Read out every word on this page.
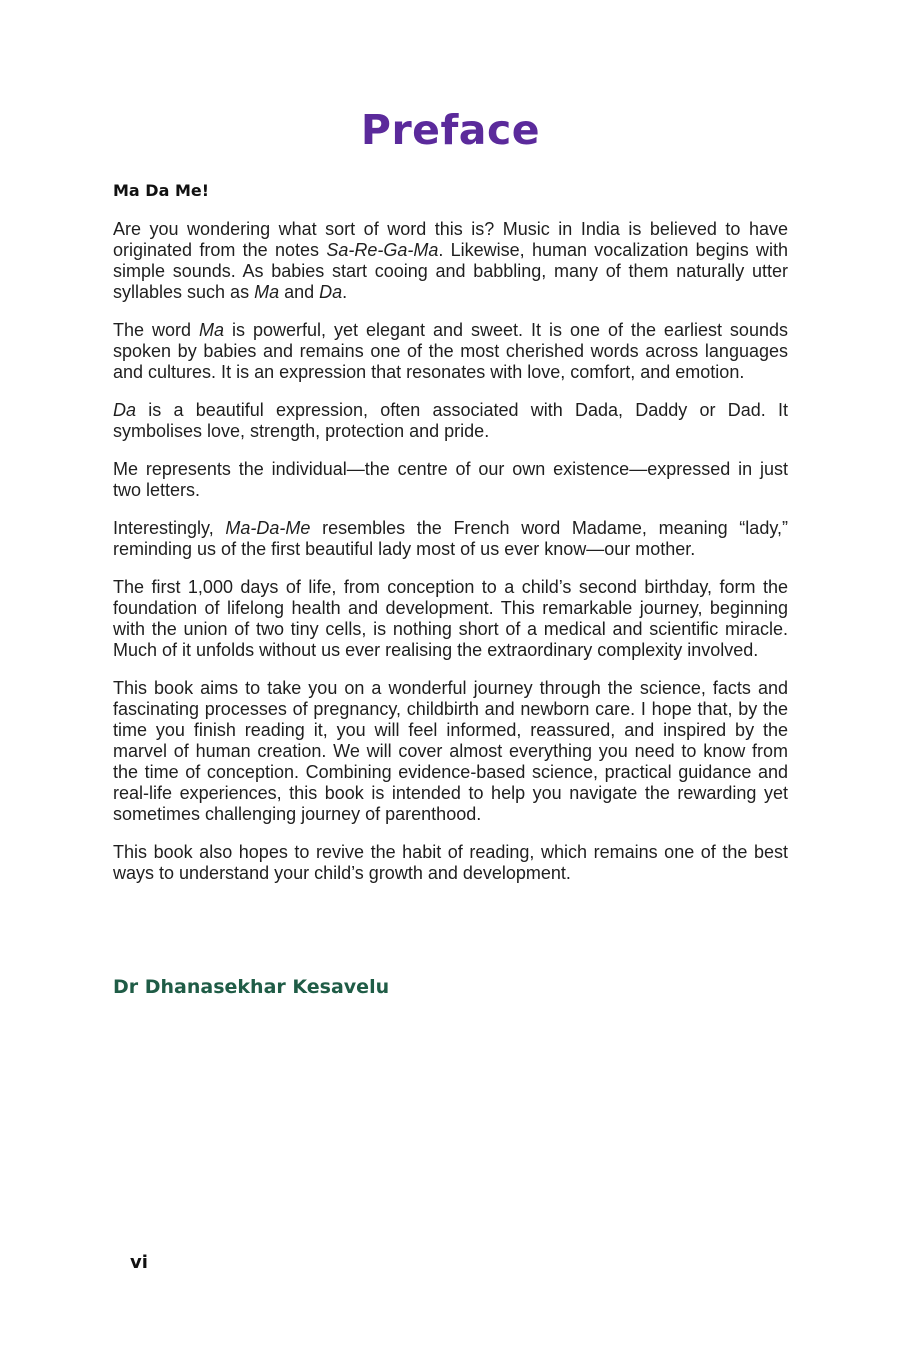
Preface

Ma Da Me!

Are you wondering what sort of word this is? Music in India is believed to have originated from the notes Sa-Re-Ga-Ma. Likewise, human vocalization begins with simple sounds. As babies start cooing and babbling, many of them naturally utter syllables such as Ma and Da.

The word Ma is powerful, yet elegant and sweet. It is one of the earliest sounds spoken by babies and remains one of the most cherished words across languages and cultures. It is an expression that resonates with love, comfort, and emotion.

Da is a beautiful expression, often associated with Dada, Daddy or Dad. It symbolises love, strength, protection and pride.

Me represents the individual—the centre of our own existence—expressed in just two letters.

Interestingly, Ma-Da-Me resembles the French word Madame, meaning “lady,” reminding us of the first beautiful lady most of us ever know—our mother.

The first 1,000 days of life, from conception to a child’s second birthday, form the foundation of lifelong health and development. This remarkable journey, beginning with the union of two tiny cells, is nothing short of a medical and scientific miracle. Much of it unfolds without us ever realising the extraordinary complexity involved.

This book aims to take you on a wonderful journey through the science, facts and fascinating processes of pregnancy, childbirth and newborn care. I hope that, by the time you finish reading it, you will feel informed, reassured, and inspired by the marvel of human creation. We will cover almost everything you need to know from the time of conception. Combining evidence-based science, practical guidance and real-life experiences, this book is intended to help you navigate the rewarding yet sometimes challenging journey of parenthood.

This book also hopes to revive the habit of reading, which remains one of the best ways to understand your child’s growth and development.

Dr Dhanasekhar Kesavelu

vi
